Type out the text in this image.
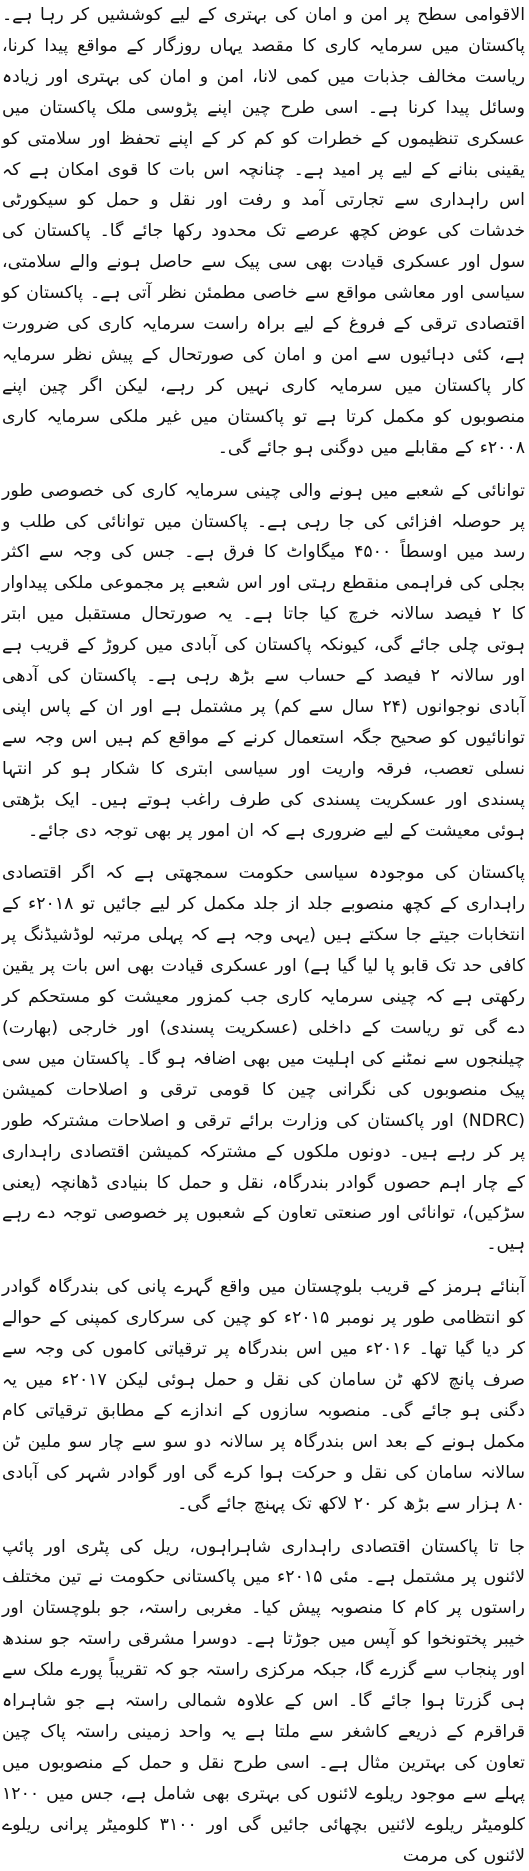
الاقوامی سطح پر امن و امان کی بہتری کے لیے کوششیں کر رہا ہے۔ پاکستان میں سرمایہ کاری کا مقصد یہاں روزگار کے مواقع پیدا کرنا، ریاست مخالف جذبات میں کمی لانا، امن و امان کی بہتری اور زیادہ وسائل پیدا کرنا ہے۔ اسی طرح چین اپنے پڑوسی ملک پاکستان میں عسکری تنظیموں کے خطرات کو کم کر کے اپنے تحفظ اور سلامتی کو یقینی بنانے کے لیے پر امید ہے۔ چنانچہ اس بات کا قوی امکان ہے کہ اس راہداری سے تجارتی آمد و رفت اور نقل و حمل کو سیکورٹی خدشات کی عوض کچھ عرصے تک محدود رکھا جائے گا۔ پاکستان کی سول اور عسکری قیادت بھی سی پیک سے حاصل ہونے والے سلامتی، سیاسی اور معاشی مواقع سے خاصی مطمئن نظر آتی ہے۔ پاکستان کو اقتصادی ترقی کے فروغ کے لیے براہ راست سرمایہ کاری کی ضرورت ہے، کئی دہائیوں سے امن و امان کی صورتحال کے پیش نظر سرمایہ کار پاکستان میں سرمایہ کاری نہیں کر رہے، لیکن اگر چین اپنے منصوبوں کو مکمل کرتا ہے تو پاکستان میں غیر ملکی سرمایہ کاری ۲۰۰۸ء کے مقابلے میں دوگنی ہو جائے گی۔

توانائی کے شعبے میں ہونے والی چینی سرمایہ کاری کی خصوصی طور پر حوصلہ افزائی کی جا رہی ہے۔ پاکستان میں توانائی کی طلب و رسد میں اوسطاً ۴۵۰۰ میگاواٹ کا فرق ہے۔ جس کی وجہ سے اکثر بجلی کی فراہمی منقطع رہتی اور اس شعبے پر مجموعی ملکی پیداوار کا ۲ فیصد سالانہ خرچ کیا جاتا ہے۔ یہ صورتحال مستقبل میں ابتر ہوتی چلی جائے گی، کیونکہ پاکستان کی آبادی میں کروڑ کے قریب ہے اور سالانہ ۲ فیصد کے حساب سے بڑھ رہی ہے۔ پاکستان کی آدھی آبادی نوجوانوں (۲۴ سال سے کم) پر مشتمل ہے اور ان کے پاس اپنی توانائیوں کو صحیح جگہ استعمال کرنے کے مواقع کم ہیں اس وجہ سے نسلی تعصب، فرقہ واریت اور سیاسی ابتری کا شکار ہو کر انتہا پسندی اور عسکریت پسندی کی طرف راغب ہوتے ہیں۔ ایک بڑھتی ہوئی معیشت کے لیے ضروری ہے کہ ان امور پر بھی توجہ دی جائے۔

پاکستان کی موجودہ سیاسی حکومت سمجھتی ہے کہ اگر اقتصادی راہداری کے کچھ منصوبے جلد از جلد مکمل کر لیے جائیں تو ۲۰۱۸ء کے انتخابات جیتے جا سکتے ہیں (یہی وجہ ہے کہ پہلی مرتبہ لوڈشیڈنگ پر کافی حد تک قابو پا لیا گیا ہے) اور عسکری قیادت بھی اس بات پر یقین رکھتی ہے کہ چینی سرمایہ کاری جب کمزور معیشت کو مستحکم کر دے گی تو ریاست کے داخلی (عسکریت پسندی) اور خارجی (بھارت) چیلنجوں سے نمٹنے کی اہلیت میں بھی اضافہ ہو گا۔ پاکستان میں سی پیک منصوبوں کی نگرانی چین کا قومی ترقی و اصلاحات کمیشن (NDRC) اور پاکستان کی وزارت برائے ترقی و اصلاحات مشترکہ طور پر کر رہے ہیں۔ دونوں ملکوں کے مشترکہ کمیشن اقتصادی راہداری کے چار اہم حصوں گوادر بندرگاہ، نقل و حمل کا بنیادی ڈھانچہ (یعنی سڑکیں)، توانائی اور صنعتی تعاون کے شعبوں پر خصوصی توجہ دے رہے ہیں۔

آبنائے ہرمز کے قریب بلوچستان میں واقع گہرے پانی کی بندرگاہ گوادر کو انتظامی طور پر نومبر ۲۰۱۵ء کو چین کی سرکاری کمپنی کے حوالے کر دیا گیا تھا۔ ۲۰۱۶ء میں اس بندرگاہ پر ترقیاتی کاموں کی وجہ سے صرف پانچ لاکھ ٹن سامان کی نقل و حمل ہوئی لیکن ۲۰۱۷ء میں یہ دگنی ہو جائے گی۔ منصوبہ سازوں کے اندازے کے مطابق ترقیاتی کام مکمل ہونے کے بعد اس بندرگاہ پر سالانہ دو سو سے چار سو ملین ٹن سالانہ سامان کی نقل و حرکت ہوا کرے گی اور گوادر شہر کی آبادی ۸۰ ہزار سے بڑھ کر ۲۰ لاکھ تک پہنچ جائے گی۔

جا تا پاکستان اقتصادی راہداری شاہراہوں، ریل کی پٹری اور پائپ لائنوں پر مشتمل ہے۔ مئی ۲۰۱۵ء میں پاکستانی حکومت نے تین مختلف راستوں پر کام کا منصوبہ پیش کیا۔ مغربی راستہ، جو بلوچستان اور خیبر پختونخوا کو آپس میں جوڑتا ہے۔ دوسرا مشرقی راستہ جو سندھ اور پنجاب سے گزرے گا، جبکہ مرکزی راستہ جو کہ تقریباً پورے ملک سے ہی گزرتا ہوا جائے گا۔ اس کے علاوہ شمالی راستہ ہے جو شاہراہ قراقرم کے ذریعے کاشغر سے ملتا ہے یہ واحد زمینی راستہ پاک چین تعاون کی بہترین مثال ہے۔ اسی طرح نقل و حمل کے منصوبوں میں پہلے سے موجود ریلوے لائنوں کی بہتری بھی شامل ہے، جس میں ۱۲۰۰ کلومیٹر ریلوے لائنیں بچھائی جائیں گی اور ۳۱۰۰ کلومیٹر پرانی ریلوے لائنوں کی مرمت
